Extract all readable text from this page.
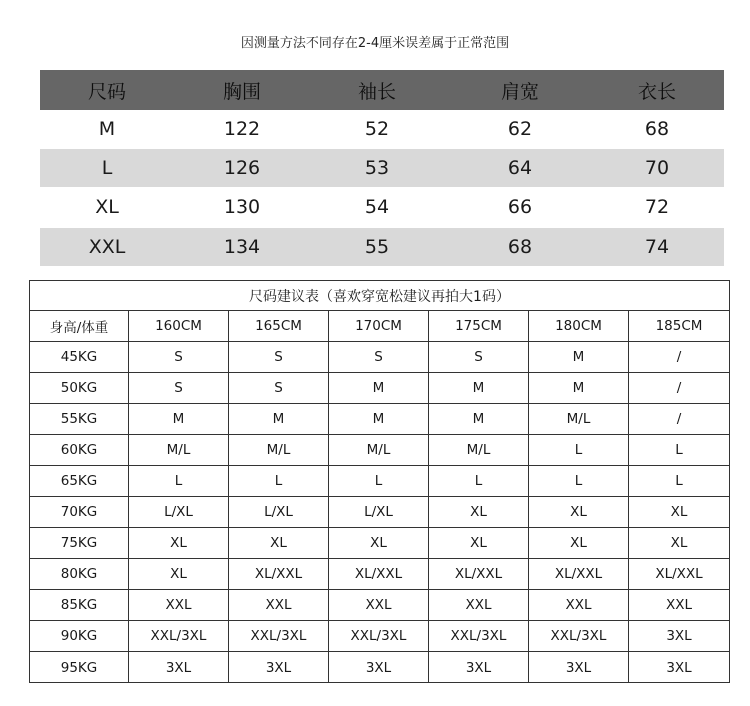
因测量方法不同存在2-4厘米误差属于正常范围
尺码	胸围	袖长	肩宽	衣长
M	122	52	62	68
L	126	53	64	70
XL	130	54	66	72
XXL	134	55	68	74
尺码建议表（喜欢穿宽松建议再拍大1码）
身高/体重	160CM	165CM	170CM	175CM	180CM	185CM
45KG	S	S	S	S	M	/
50KG	S	S	M	M	M	/
55KG	M	M	M	M	M/L	/
60KG	M/L	M/L	M/L	M/L	L	L
65KG	L	L	L	L	L	L
70KG	L/XL	L/XL	L/XL	XL	XL	XL
75KG	XL	XL	XL	XL	XL	XL
80KG	XL	XL/XXL	XL/XXL	XL/XXL	XL/XXL	XL/XXL
85KG	XXL	XXL	XXL	XXL	XXL	XXL
90KG	XXL/3XL	XXL/3XL	XXL/3XL	XXL/3XL	XXL/3XL	3XL
95KG	3XL	3XL	3XL	3XL	3XL	3XL
